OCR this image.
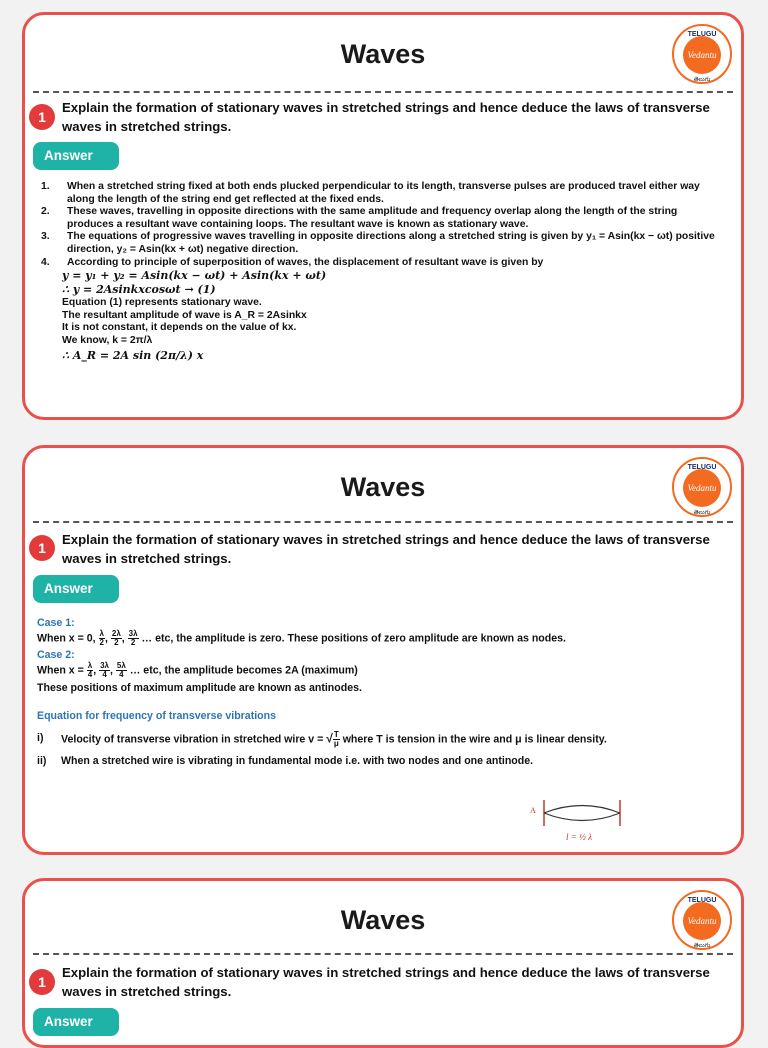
Waves
TELUGU
Vedantu
తెలుగు
1
Explain the formation of stationary waves in stretched strings and hence deduce the laws of transverse waves in stretched strings.
Answer
1. When a stretched string fixed at both ends plucked perpendicular to its length, transverse pulses are produced travel either way along the length of the string end get reflected at the fixed ends.
2. These waves, travelling in opposite directions with the same amplitude and frequency overlap along the length of the string produces a resultant wave containing loops. The resultant wave is known as stationary wave.
3. The equations of progressive waves travelling in opposite directions along a stretched string is given by y₁ = Asin(kx − ωt) positive direction, y₂ = Asin(kx + ωt) negative direction.
4. According to principle of superposition of waves, the displacement of resultant wave is given by
y = y₁ + y₂ = Asin(kx − ωt) + Asin(kx + ωt)
∴ y = 2Asinkxcosωt → (1)
Equation (1) represents stationary wave.
The resultant amplitude of wave is A_R = 2Asinkx
It is not constant, it depends on the value of kx.
We know, k = 2π/λ
∴ A_R = 2A sin (2π/λ) x
Waves
TELUGU
Vedantu
తెలుగు
1
Explain the formation of stationary waves in stretched strings and hence deduce the laws of transverse waves in stretched strings.
Answer
Case 1:
When x = 0, $\frac{\lambda}{2}$ , $\frac{2\lambda}{2}$ , $\frac{3\lambda}{2}$ … etc, the amplitude is zero. These positions of zero amplitude are known as nodes.
Case 2:
When $x = \frac{\lambda}{4}$ , $\frac{3\lambda}{4}$ , $\frac{5\lambda}{4}$ … etc, the amplitude becomes 2A (maximum)
These positions of maximum amplitude are known as antinodes.
Equation for frequency of transverse vibrations
i) Velocity of transverse vibration in stretched wire v = √ $\frac{T}{\mu}$ where T is tension in the wire and μ is linear density.
ii) When a stretched wire is vibrating in fundamental mode i.e. with two nodes and one antinode.
A
l = ½ λ
Waves
TELUGU
Vedantu
తెలుగు
1
Explain the formation of stationary waves in stretched strings and hence deduce the laws of transverse waves in stretched strings.
Answer
